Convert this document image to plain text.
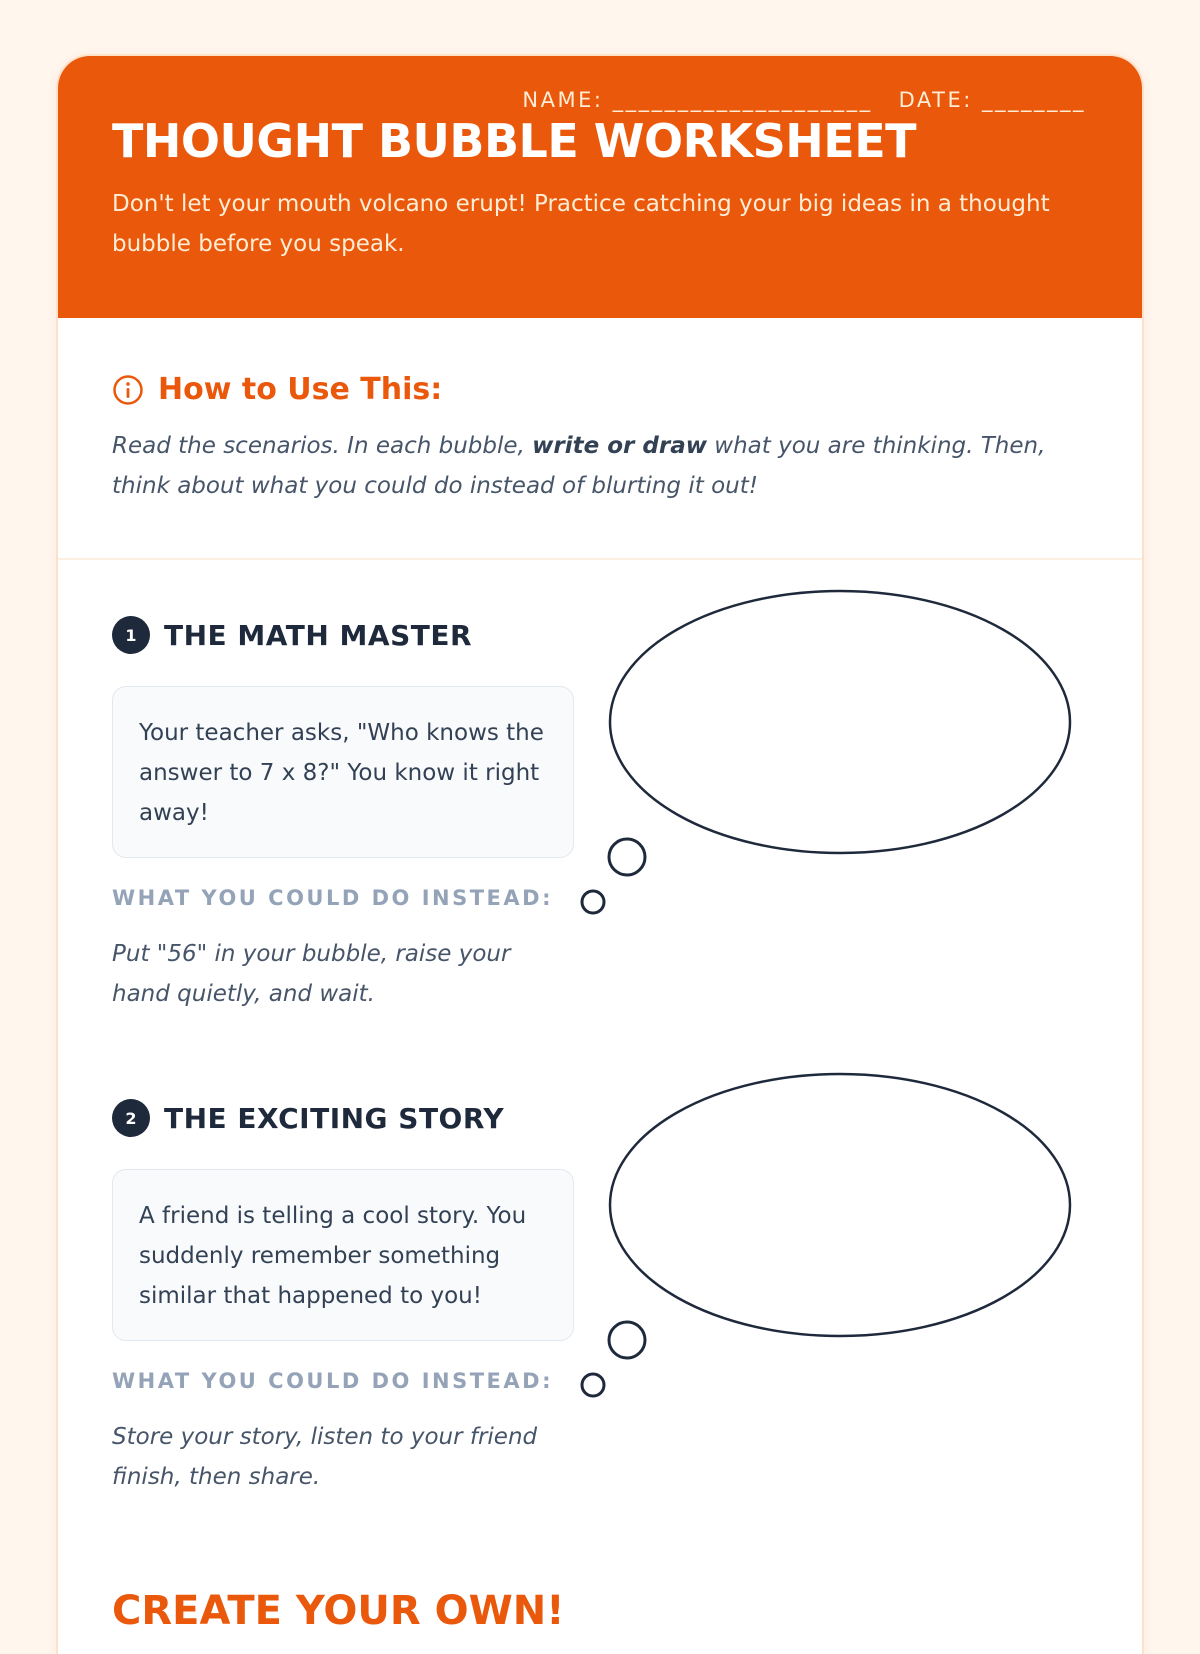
NAME: ____________________ DATE: ________
THOUGHT BUBBLE WORKSHEET

Don't let your mouth volcano erupt! Practice catching your big ideas in a thought bubble before you speak.

How to Use This:

Read the scenarios. In each bubble, write or draw what you are thinking. Then, think about what you could do instead of blurting it out!

1 THE MATH MASTER
Your teacher asks, "Who knows the answer to 7 x 8?" You know it right away!
WHAT YOU COULD DO INSTEAD:

Put "56" in your bubble, raise your hand quietly, and wait.

2 THE EXCITING STORY
A friend is telling a cool story. You suddenly remember something similar that happened to you!
WHAT YOU COULD DO INSTEAD:

Store your story, listen to your friend finish, then share.

CREATE YOUR OWN!
